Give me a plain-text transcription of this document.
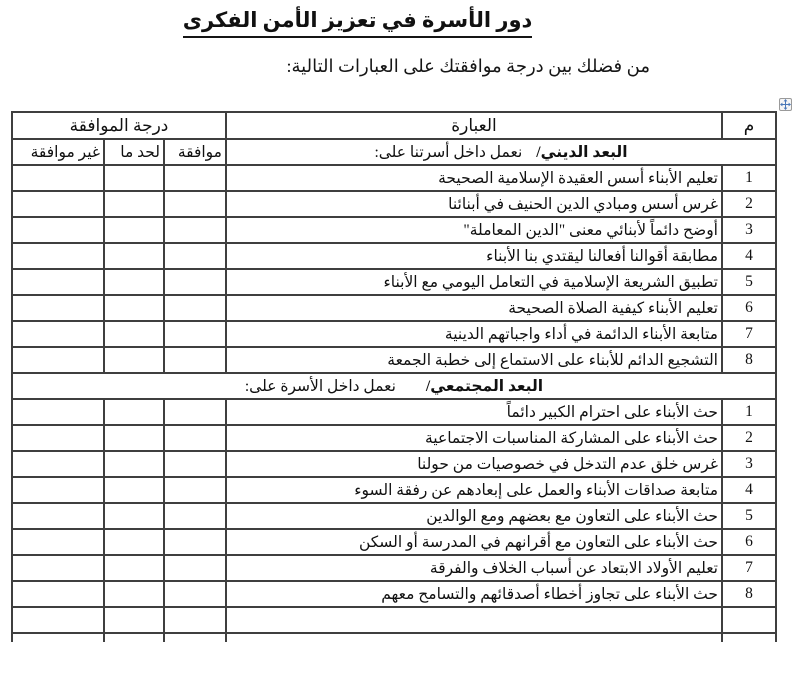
دور الأسرة في تعزيز الأمن الفكرى
من فضلك بين درجة موافقتك على العبارات التالية:
م	العبارة	درجة الموافقة		
البعد الديني/نعمل داخل أسرتنا على:		موافقة	لحد ما	غير موافقة
1	تعليم الأبناء أسس العقيدة الإسلامية الصحيحة			
2	غرس أسس ومبادي الدين الحنيف في أبنائنا			
3	أوضح دائماً لأبنائي معنى "الدين المعاملة"			
4	مطابقة أقوالنا أفعالنا ليقتدي بنا الأبناء			
5	تطبيق الشريعة الإسلامية في التعامل اليومي مع الأبناء			
6	تعليم الأبناء كيفية الصلاة الصحيحة			
7	متابعة الأبناء الدائمة في أداء واجباتهم الدينية			
8	التشجيع الدائم للأبناء على الاستماع إلى خطبة الجمعة			
البعد المجتمعي/نعمل داخل الأسرة على:				
1	حث الأبناء على احترام الكبير دائماً			
2	حث الأبناء على المشاركة المناسبات الاجتماعية			
3	غرس خلق عدم التدخل في خصوصيات من حولنا			
4	متابعة صداقات الأبناء والعمل على إبعادهم عن رفقة السوء			
5	حث الأبناء على التعاون مع بعضهم ومع الوالدين			
6	حث الأبناء على التعاون مع أقرانهم في المدرسة أو السكن			
7	تعليم الأولاد الابتعاد عن أسباب الخلاف والفرقة			
8	حث الأبناء على تجاوز أخطاء أصدقائهم والتسامح معهم			
